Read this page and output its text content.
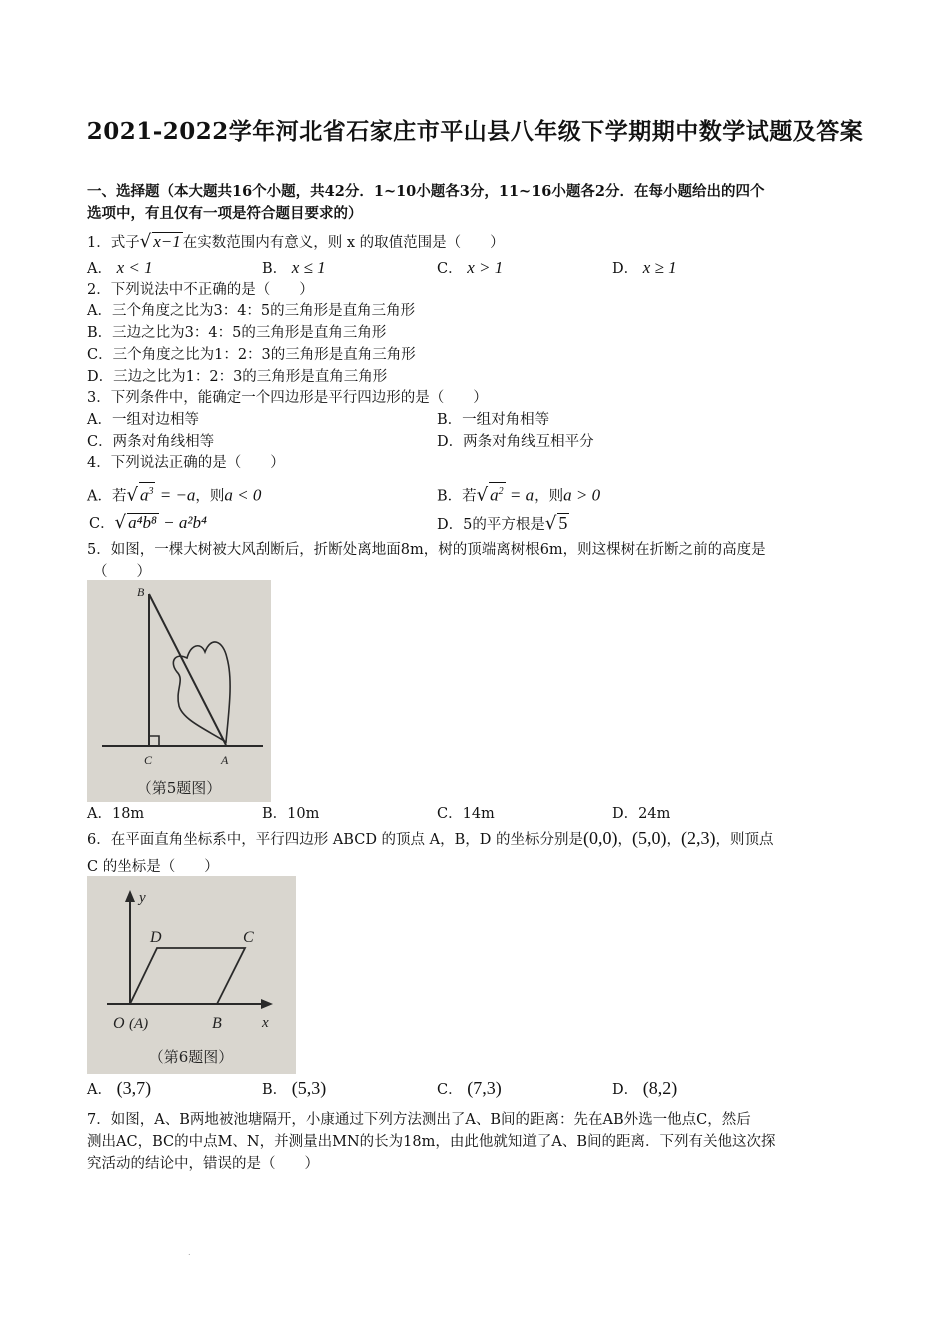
2021-2022学年河北省石家庄市平山县八年级下学期期中数学试题及答案
一、选择题（本大题共16个小题，共42分．1~10小题各3分，11~16小题各2分．在每小题给出的四个
选项中，有且仅有一项是符合题目要求的）
1．式子√ x−1 在实数范围内有意义，则 x 的取值范围是（　　）
A． x < 1	B． x ≤ 1	C． x > 1	D． x ≥ 1
2．下列说法中不正确的是（　　）
A．三个角度之比为3：4：5的三角形是直角三角形
B．三边之比为3：4：5的三角形是直角三角形
C．三个角度之比为1：2：3的三角形是直角三角形
D．三边之比为1：2：3的三角形是直角三角形
3．下列条件中，能确定一个四边形是平行四边形的是（　　）
A．一组对边相等	B．一组对角相等
C．两条对角线相等	D．两条对角线互相平分
4．下列说法正确的是（　　）
A．若√ $a^3 = -a$，则a < 0	B．若√ $a^2 = a$，则a > 0
C．√ a⁴b⁸ − a²b⁴	D．5的平方根是√ 5
5．如图，一棵大树被大风刮断后，折断处离地面8m，树的顶端离树根6m，则这棵树在折断之前的高度是
（　　）
B
C	A
（第5题图）
A．18m	B．10m	C．14m	D．24m
6．在平面直角坐标系中，平行四边形 ABCD 的顶点 A，B，D 的坐标分别是(0,0)，(5,0)，(2,3)，则顶点
C 的坐标是（　　）
y
x
D	C
O (A)	B
（第6题图）
A． (3,7)	B． (5,3)	C． (7,3)	D． (8,2)
7．如图，A、B两地被池塘隔开，小康通过下列方法测出了A、B间的距离：先在AB外选一他点C，然后
测出AC，BC的中点M、N，并测量出MN的长为18m，由此他就知道了A、B间的距离．下列有关他这次探
究活动的结论中，错误的是（　　）
.
